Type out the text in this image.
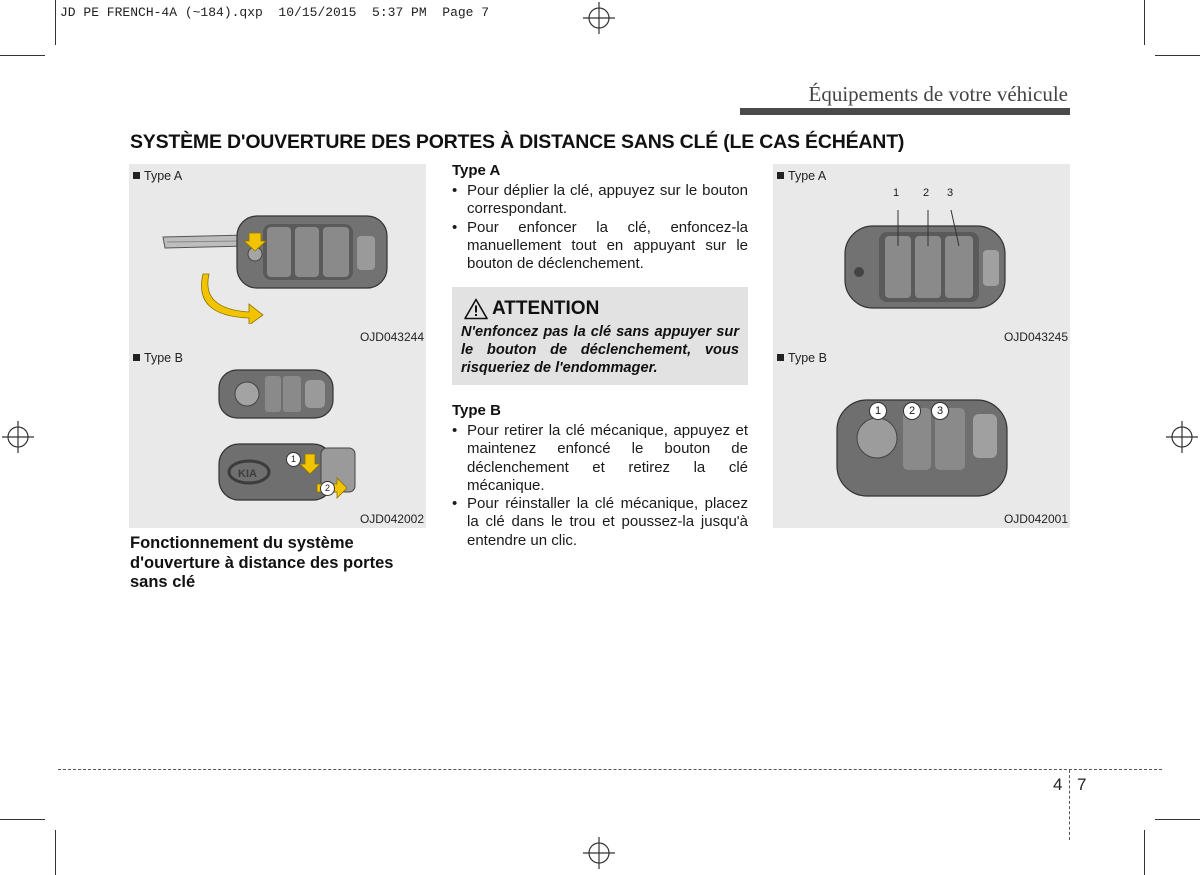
JD PE FRENCH-4A (~184).qxp  10/15/2015  5:37 PM  Page 7
Équipements de votre véhicule
SYSTÈME D'OUVERTURE DES PORTES À DISTANCE SANS CLÉ (LE CAS ÉCHÉANT)
Type A
OJD043244
Type B
KIA
1
2
OJD042002
Fonctionnement du système d'ouverture à distance des portes sans clé
Type A
• Pour déplier la clé, appuyez sur le bouton correspondant.
• Pour enfoncer la clé, enfoncez-la manuellement tout en appuyant sur le bouton de déclenchement.
ATTENTION
N'enfoncez pas la clé sans appuyer sur le bouton de déclenchement, vous risqueriez de l'endommager.
Type B
• Pour retirer la clé mécanique, appuyez et maintenez enfoncé le bouton de déclenchement et retirez la clé mécanique.
• Pour réinstaller la clé mécanique, placez la clé dans le trou et poussez-la jusqu'à entendre un clic.
Type A
1 2 3
OJD043245
Type B
1	2	3
OJD042001
4 7
